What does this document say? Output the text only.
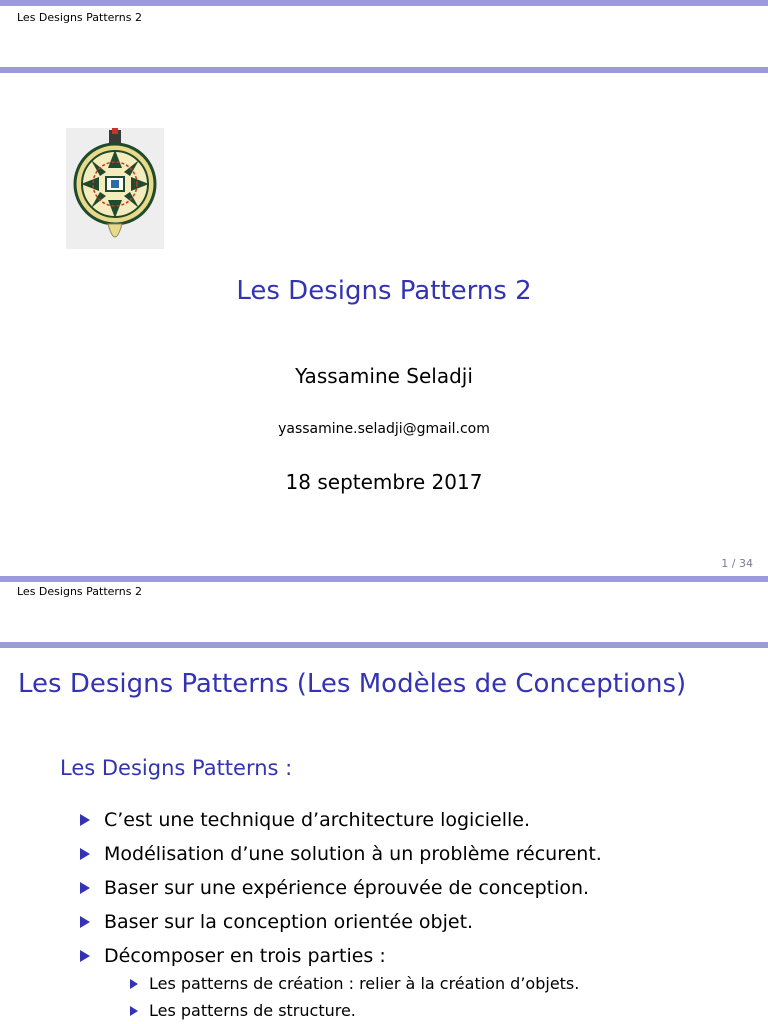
Les Designs Patterns 2
Les Designs Patterns 2
Yassamine Seladji
yassamine.seladji@gmail.com
18 septembre 2017
1 / 34
Les Designs Patterns 2
Les Designs Patterns (Les Modèles de Conceptions)
Les Designs Patterns :
C’est une technique d’architecture logicielle.
Modélisation d’une solution à un problème récurent.
Baser sur une expérience éprouvée de conception.
Baser sur la conception orientée objet.
Décomposer en trois parties :
Les patterns de création : relier à la création d’objets.
Les patterns de structure.
